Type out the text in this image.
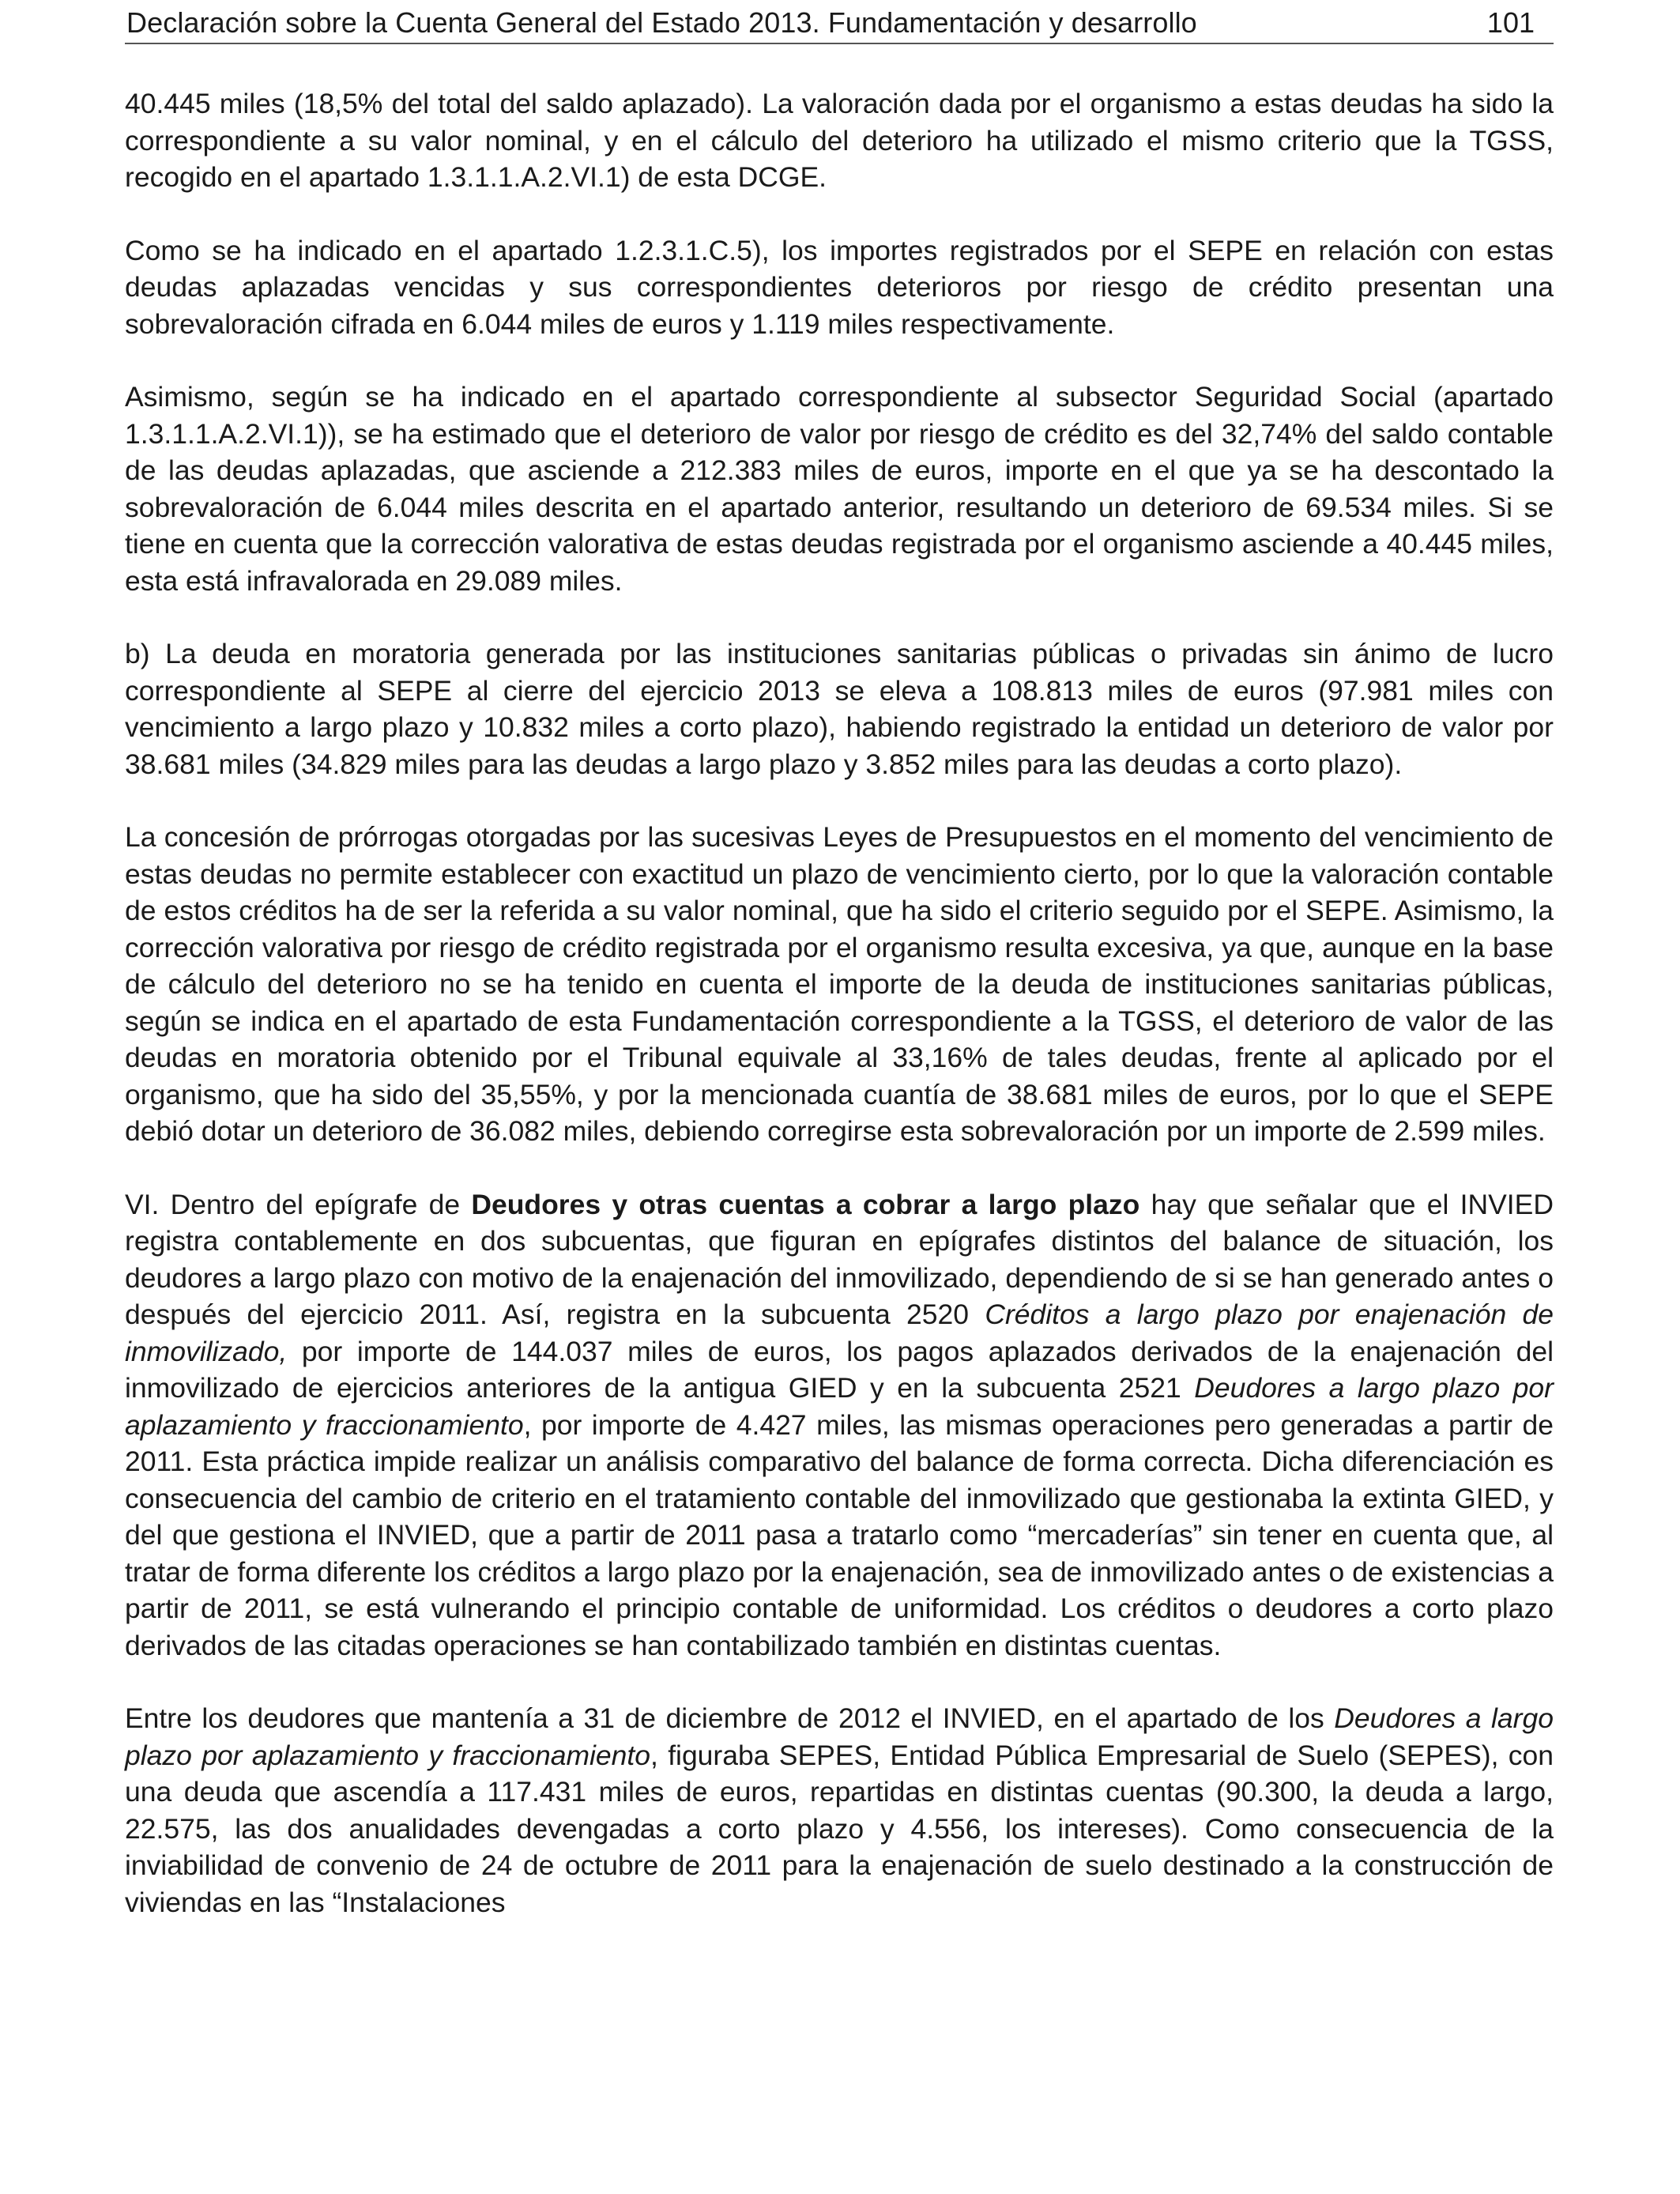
Declaración sobre la Cuenta General del Estado 2013. Fundamentación y desarrollo	101

40.445 miles (18,5% del total del saldo aplazado). La valoración dada por el organismo a estas deudas ha sido la correspondiente a su valor nominal, y en el cálculo del deterioro ha utilizado el mismo criterio que la TGSS, recogido en el apartado 1.3.1.1.A.2.VI.1) de esta DCGE.

Como se ha indicado en el apartado 1.2.3.1.C.5), los importes registrados por el SEPE en relación con estas deudas aplazadas vencidas y sus correspondientes deterioros por riesgo de crédito presentan una sobrevaloración cifrada en 6.044 miles de euros y 1.119 miles respectivamente.

Asimismo, según se ha indicado en el apartado correspondiente al subsector Seguridad Social (apartado 1.3.1.1.A.2.VI.1)), se ha estimado que el deterioro de valor por riesgo de crédito es del 32,74% del saldo contable de las deudas aplazadas, que asciende a 212.383 miles de euros, importe en el que ya se ha descontado la sobrevaloración de 6.044 miles descrita en el apartado anterior, resultando un deterioro de 69.534 miles. Si se tiene en cuenta que la corrección valorativa de estas deudas registrada por el organismo asciende a 40.445 miles, esta está infravalorada en 29.089 miles.

b) La deuda en moratoria generada por las instituciones sanitarias públicas o privadas sin ánimo de lucro correspondiente al SEPE al cierre del ejercicio 2013 se eleva a 108.813 miles de euros (97.981 miles con vencimiento a largo plazo y 10.832 miles a corto plazo), habiendo registrado la entidad un deterioro de valor por 38.681 miles (34.829 miles para las deudas a largo plazo y 3.852 miles para las deudas a corto plazo).

La concesión de prórrogas otorgadas por las sucesivas Leyes de Presupuestos en el momento del vencimiento de estas deudas no permite establecer con exactitud un plazo de vencimiento cierto, por lo que la valoración contable de estos créditos ha de ser la referida a su valor nominal, que ha sido el criterio seguido por el SEPE. Asimismo, la corrección valorativa por riesgo de crédito registrada por el organismo resulta excesiva, ya que, aunque en la base de cálculo del deterioro no se ha tenido en cuenta el importe de la deuda de instituciones sanitarias públicas, según se indica en el apartado de esta Fundamentación correspondiente a la TGSS, el deterioro de valor de las deudas en moratoria obtenido por el Tribunal equivale al 33,16% de tales deudas, frente al aplicado por el organismo, que ha sido del 35,55%, y por la mencionada cuantía de 38.681 miles de euros, por lo que el SEPE debió dotar un deterioro de 36.082 miles, debiendo corregirse esta sobrevaloración por un importe de 2.599 miles.

VI. Dentro del epígrafe de Deudores y otras cuentas a cobrar a largo plazo hay que señalar que el INVIED registra contablemente en dos subcuentas, que figuran en epígrafes distintos del balance de situación, los deudores a largo plazo con motivo de la enajenación del inmovilizado, dependiendo de si se han generado antes o después del ejercicio 2011. Así, registra en la subcuenta 2520 Créditos a largo plazo por enajenación de inmovilizado, por importe de 144.037 miles de euros, los pagos aplazados derivados de la enajenación del inmovilizado de ejercicios anteriores de la antigua GIED y en la subcuenta 2521 Deudores a largo plazo por aplazamiento y fraccionamiento, por importe de 4.427 miles, las mismas operaciones pero generadas a partir de 2011. Esta práctica impide realizar un análisis comparativo del balance de forma correcta. Dicha diferenciación es consecuencia del cambio de criterio en el tratamiento contable del inmovilizado que gestionaba la extinta GIED, y del que gestiona el INVIED, que a partir de 2011 pasa a tratarlo como “mercaderías” sin tener en cuenta que, al tratar de forma diferente los créditos a largo plazo por la enajenación, sea de inmovilizado antes o de existencias a partir de 2011, se está vulnerando el principio contable de uniformidad. Los créditos o deudores a corto plazo derivados de las citadas operaciones se han contabilizado también en distintas cuentas.

Entre los deudores que mantenía a 31 de diciembre de 2012 el INVIED, en el apartado de los Deudores a largo plazo por aplazamiento y fraccionamiento, figuraba SEPES, Entidad Pública Empresarial de Suelo (SEPES), con una deuda que ascendía a 117.431 miles de euros, repartidas en distintas cuentas (90.300, la deuda a largo, 22.575, las dos anualidades devengadas a corto plazo y 4.556, los intereses). Como consecuencia de la inviabilidad de convenio de 24 de octubre de 2011 para la enajenación de suelo destinado a la construcción de viviendas en las “Instalaciones
